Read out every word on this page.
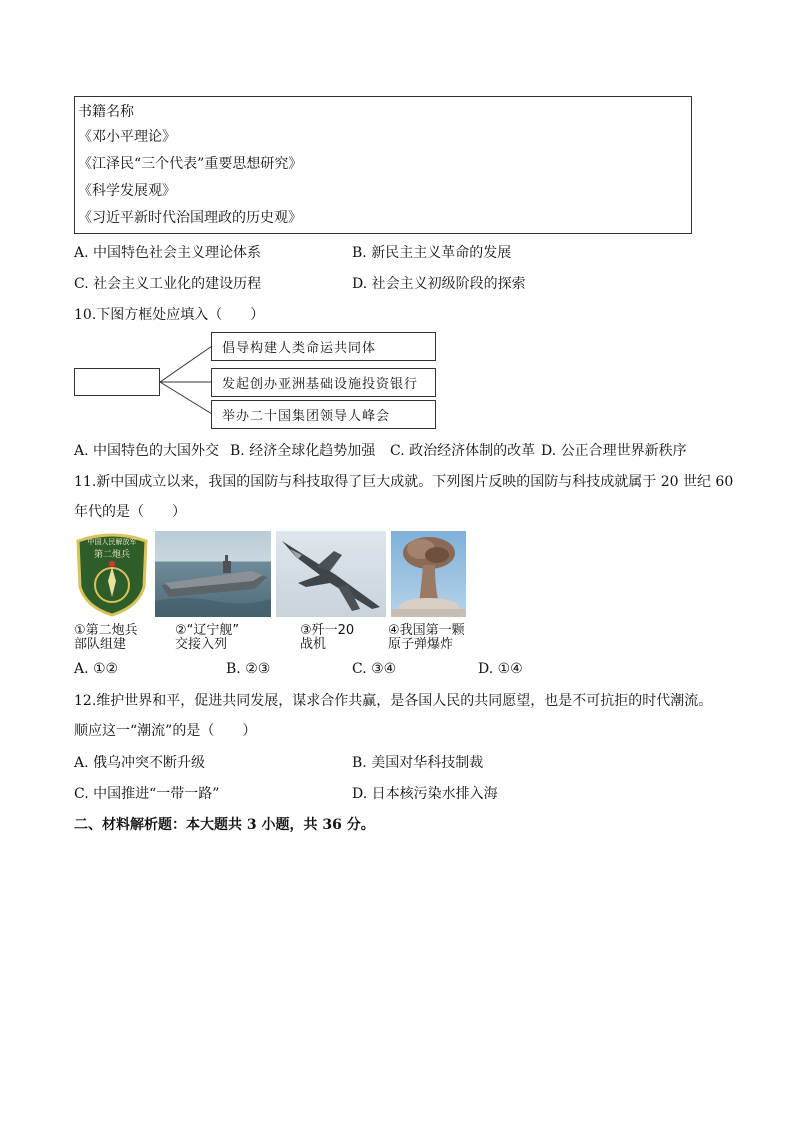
书籍名称
《邓小平理论》
《江泽民“三个代表”重要思想研究》
《科学发展观》
《习近平新时代治国理政的历史观》
A. 中国特色社会主义理论体系	B. 新民主主义革命的发展
C. 社会主义工业化的建设历程	D. 社会主义初级阶段的探索
10.下图方框处应填入（　　）
倡导构建人类命运共同体
发起创办亚洲基础设施投资银行
举办二十国集团领导人峰会
A. 中国特色的大国外交 B. 经济全球化趋势加强 C. 政治经济体制的改革 D. 公正合理世界新秩序
11.新中国成立以来，我国的国防与科技取得了巨大成就。下列图片反映的国防与科技成就属于 20 世纪 60
年代的是（　　）
中国人民解放军
第二炮兵
①第二炮兵
部队组建
②“辽宁舰”
交接入列
③歼一20
战机
④我国第一颗
原子弹爆炸
A. ①②	B. ②③	C. ③④	D. ①④
12.维护世界和平，促进共同发展，谋求合作共赢，是各国人民的共同愿望，也是不可抗拒的时代潮流。
顺应这一“潮流”的是（　　）
A. 俄乌冲突不断升级	B. 美国对华科技制裁
C. 中国推进“一带一路”	D. 日本核污染水排入海
二、材料解析题：本大题共 3 小题，共 36 分。
